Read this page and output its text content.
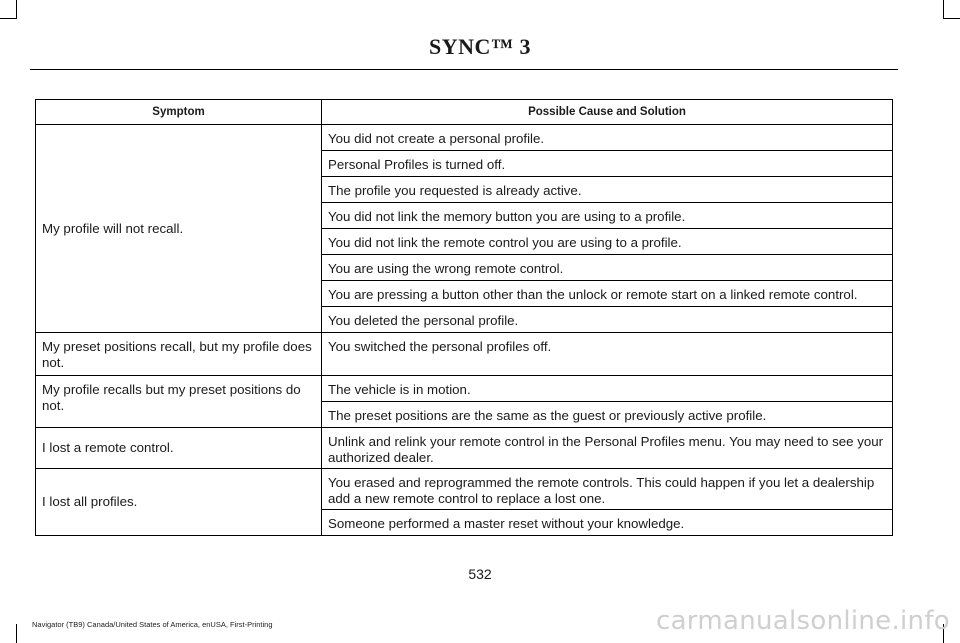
SYNC™ 3
Symptom	Possible Cause and Solution
My profile will not recall.	You did not create a personal profile.
	Personal Profiles is turned off.
	The profile you requested is already active.
	You did not link the memory button you are using to a profile.
	You did not link the remote control you are using to a profile.
	You are using the wrong remote control.
	You are pressing a button other than the unlock or remote start on a linked remote control.
	You deleted the personal profile.
My preset positions recall, but my profile does not.	You switched the personal profiles off.
My profile recalls but my preset positions do not.	The vehicle is in motion.
	The preset positions are the same as the guest or previously active profile.
I lost a remote control.	Unlink and relink your remote control in the Personal Profiles menu. You may need to see your authorized dealer.
I lost all profiles.	You erased and reprogrammed the remote controls. This could happen if you let a dealership add a new remote control to replace a lost one.
	Someone performed a master reset without your knowledge.
532
Navigator (TB9) Canada/United States of America, enUSA, First-Printing	carmanualsonline.info
